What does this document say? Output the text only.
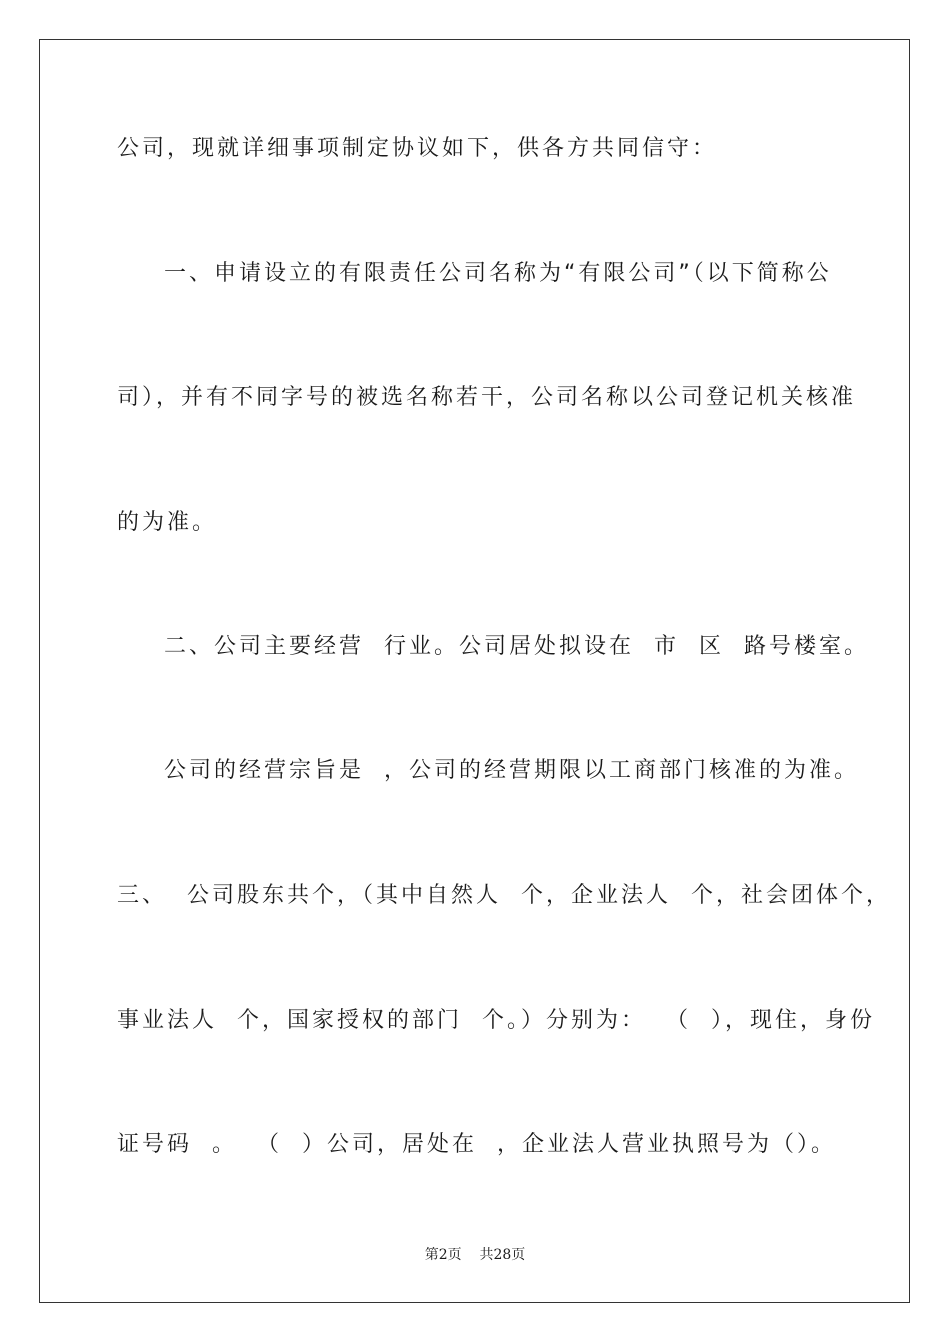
公司，现就详细事项制定协议如下，供各方共同信守：
一、申请设立的有限责任公司名称为“有限公司”（以下简称公
司），并有不同字号的被选名称若干，公司名称以公司登记机关核准
的为准。
二、公司主要经营  行业。公司居处拟设在  市  区  路号楼室。
公司的经营宗旨是  ，公司的经营期限以工商部门核准的为准。
三、  公司股东共个，（其中自然人  个，企业法人  个，社会团体个，
事业法人  个，国家授权的部门  个。）分别为：  （  ），现住，身份
证号码  。  （  ）公司，居处在  ，企业法人营业执照号为（）。
第2页    共28页
